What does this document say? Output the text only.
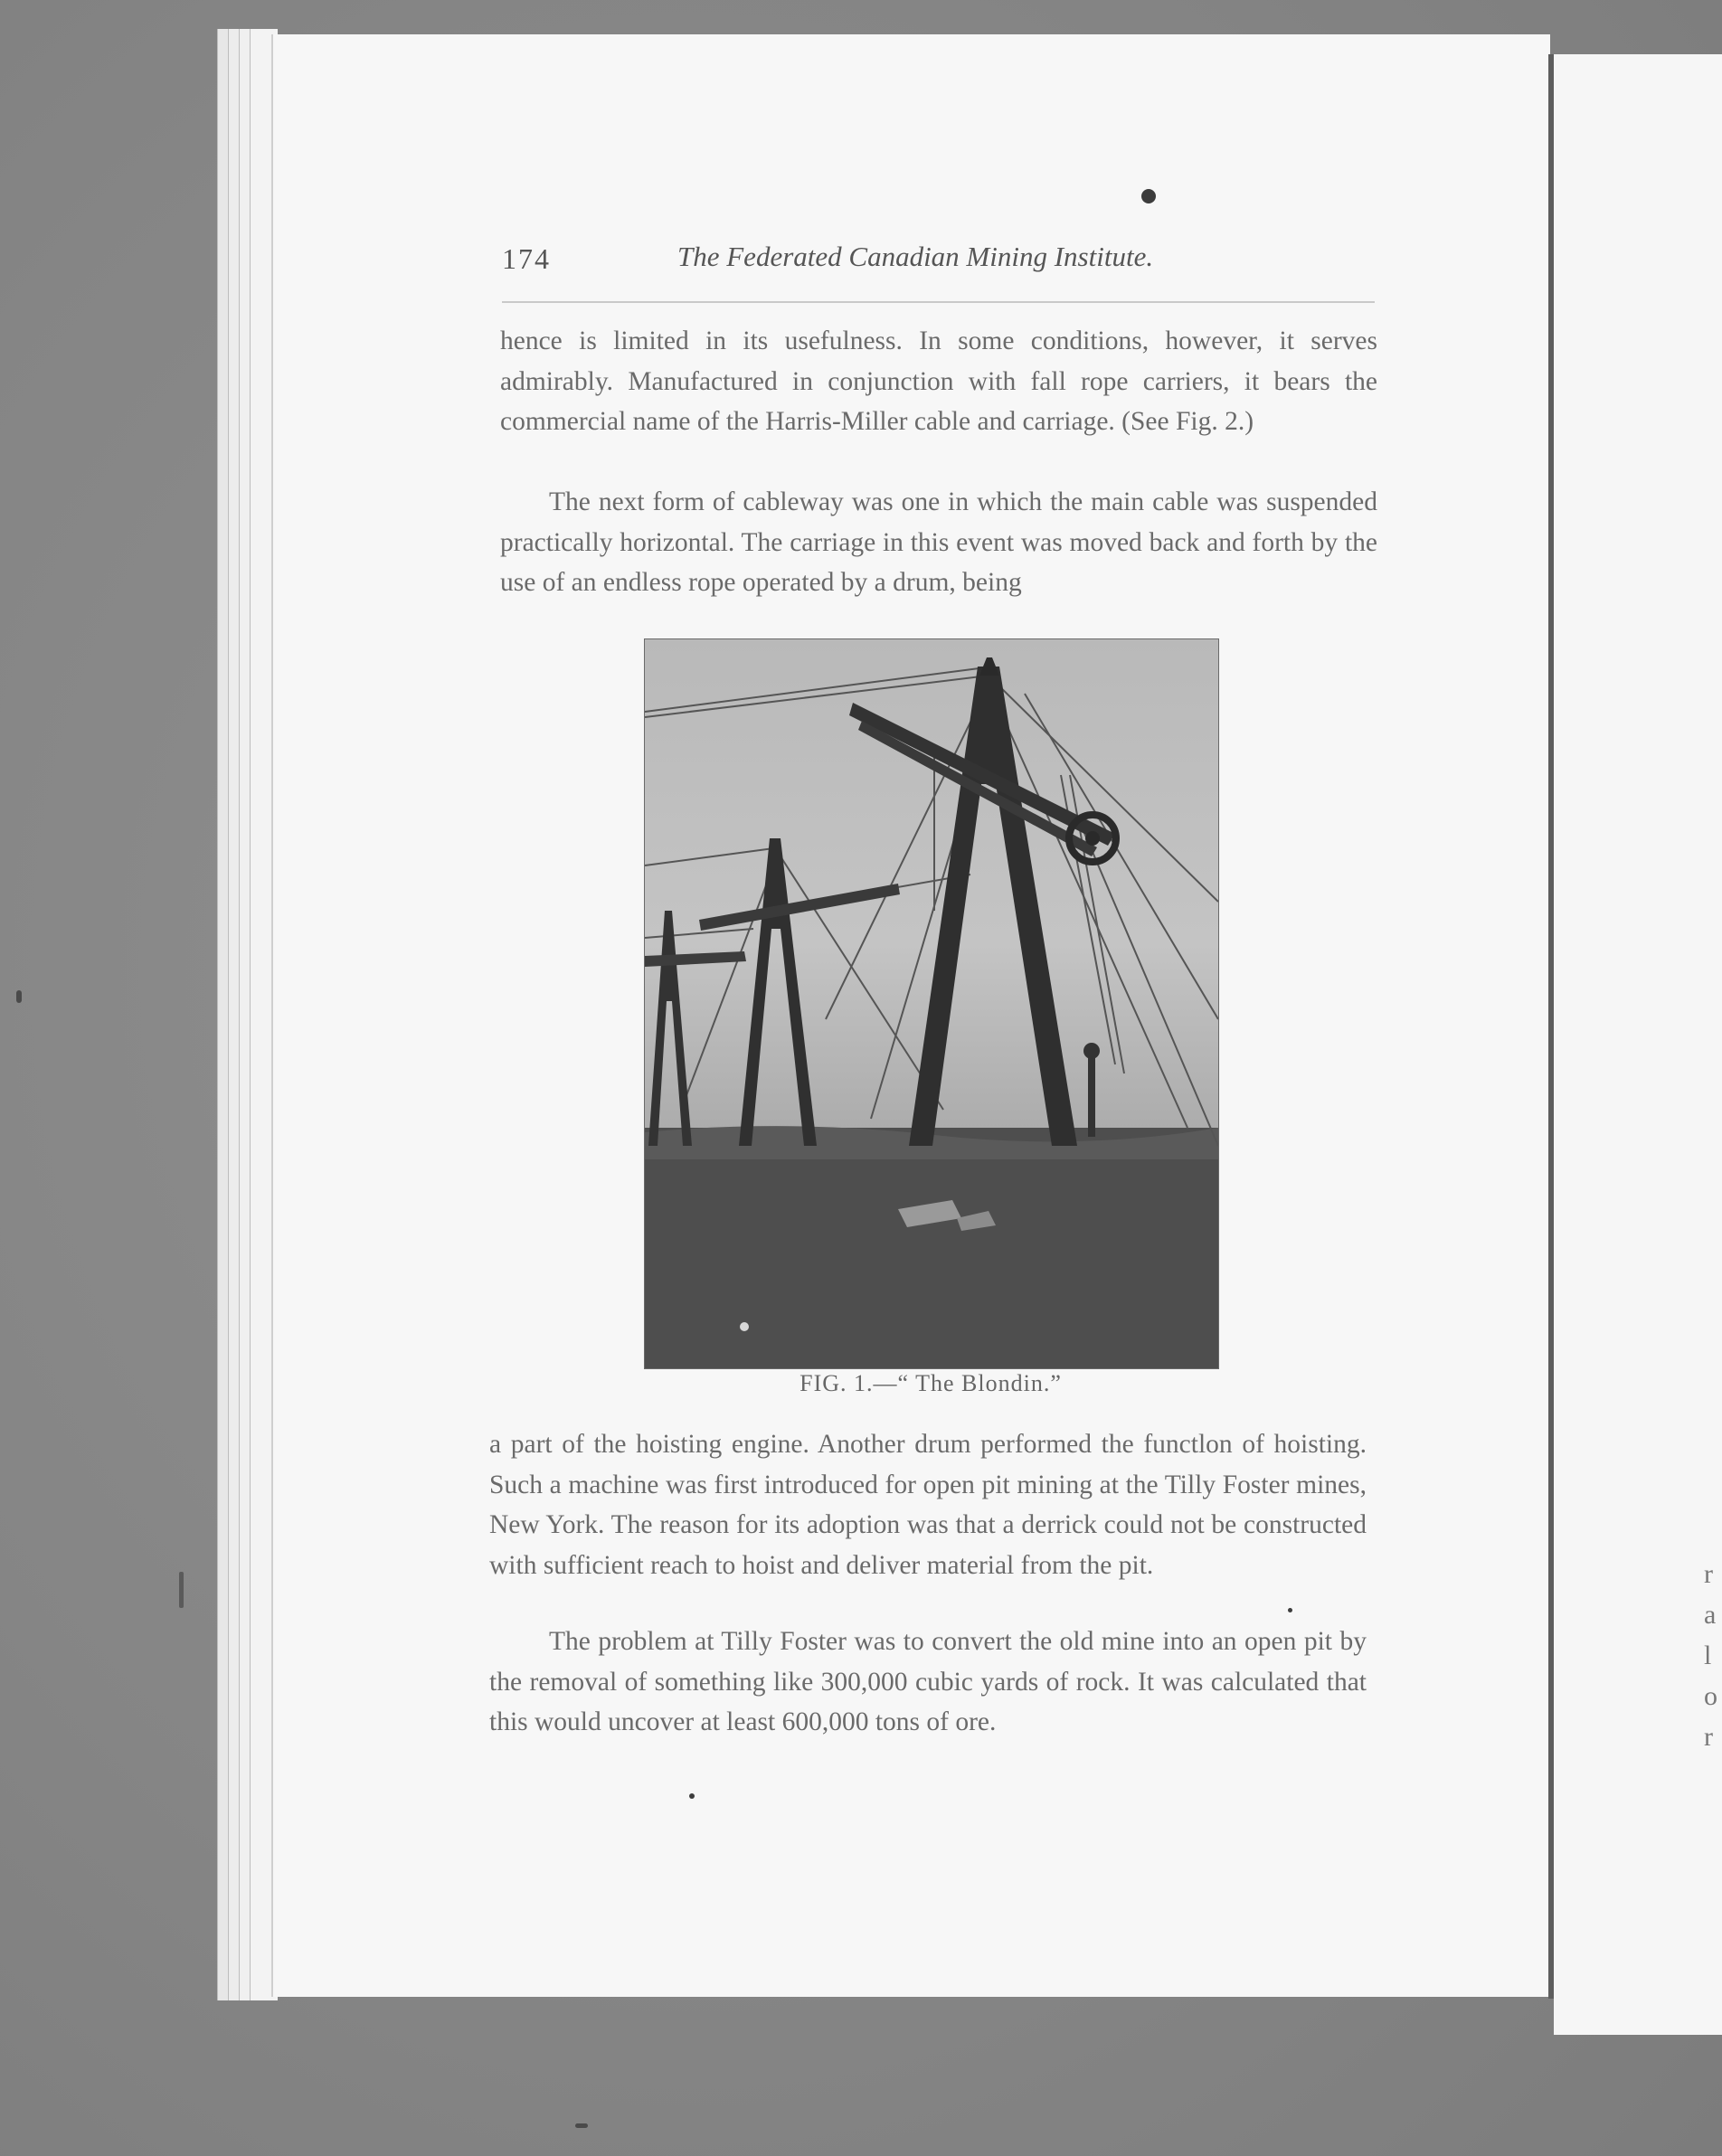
r
a
l
o
r
174	The Federated Canadian Mining Institute.

hence is limited in its usefulness. In some conditions, however, it serves admirably. Manufactured in conjunction with fall rope carriers, it bears the commercial name of the Harris-Miller cable and carriage. (See Fig. 2.)

The next form of cableway was one in which the main cable was suspended practically horizontal. The carriage in this event was moved back and forth by the use of an endless rope operated by a drum, being

FIG. 1.—“ The Blondin.”

a part of the hoisting engine. Another drum performed the functlon of hoisting. Such a machine was first introduced for open pit mining at the Tilly Foster mines, New York. The reason for its adoption was that a derrick could not be constructed with sufficient reach to hoist and deliver material from the pit.

The problem at Tilly Foster was to convert the old mine into an open pit by the removal of something like 300,000 cubic yards of rock. It was calculated that this would uncover at least 600,000 tons of ore.
